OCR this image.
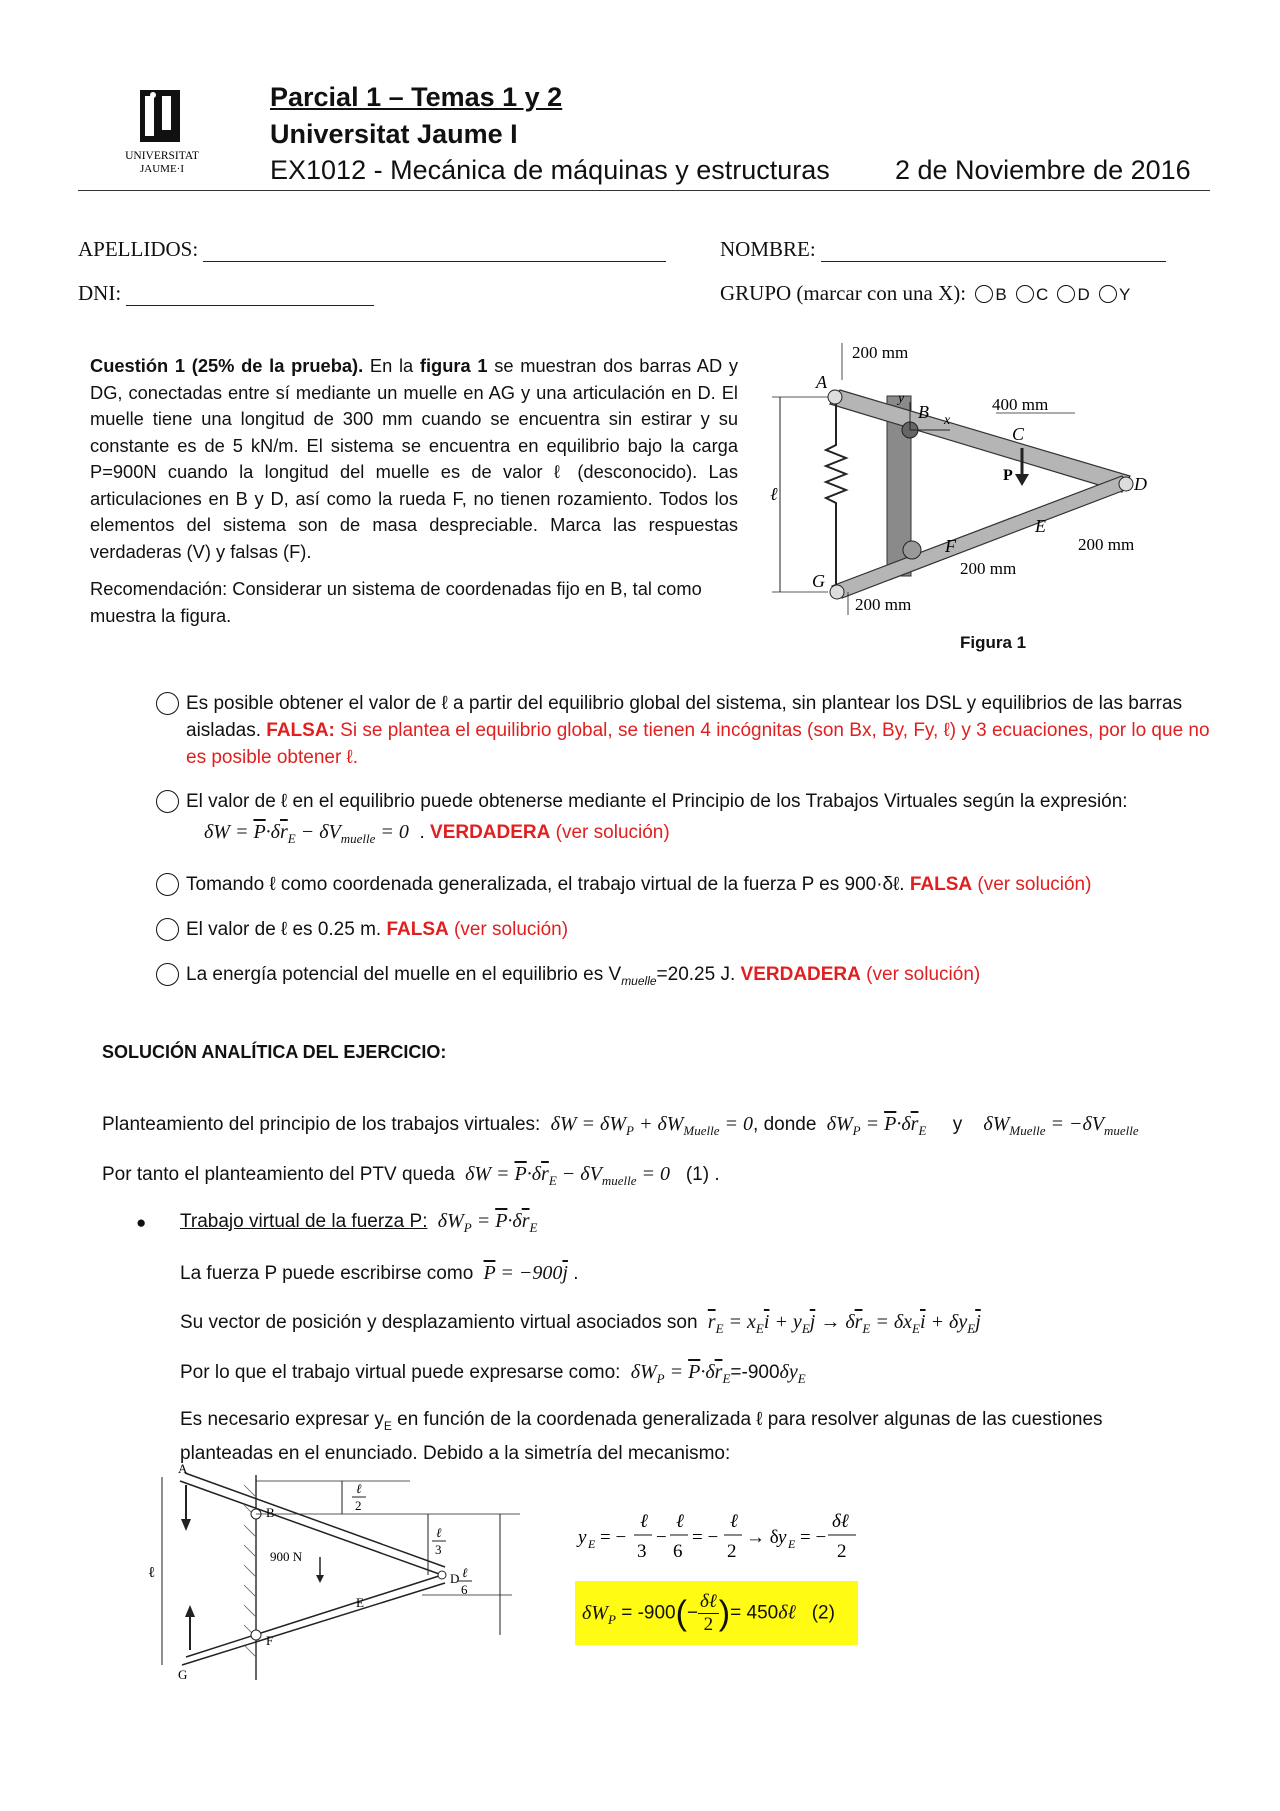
UNIVERSITAT
JAUME·I
Parcial 1 – Temas 1 y 2
Universitat Jaume I
EX1012 - Mecánica de máquinas y estructuras 2 de Noviembre de 2016
APELLIDOS:	NOMBRE:
DNI:	GRUPO (marcar con una X): B C D Y
Cuestión 1 (25% de la prueba). En la figura 1 se muestran dos barras AD y DG, conectadas entre sí mediante un muelle en AG y una articulación en D. El muelle tiene una longitud de 300 mm cuando se encuentra sin estirar y su constante es de 5 kN/m. El sistema se encuentra en equilibrio bajo la carga P=900N cuando la longitud del muelle es de valor ℓ (desconocido). Las articulaciones en B y D, así como la rueda F, no tienen rozamiento. Todos los elementos del sistema son de masa despreciable. Marca las respuestas verdaderas (V) y falsas (F).
Recomendación: Considerar un sistema de coordenadas fijo en B, tal como muestra la figura.
ℓ
P
y
x
A
B
C
D
E
F
G
200 mm
400 mm
200 mm
200 mm
200 mm
Figura 1
Es posible obtener el valor de ℓ a partir del equilibrio global del sistema, sin plantear los DSL y equilibrios de las barras aisladas. FALSA: Si se plantea el equilibrio global, se tienen 4 incógnitas (son Bx, By, Fy, ℓ) y 3 ecuaciones, por lo que no es posible obtener ℓ.
El valor de ℓ en el equilibrio puede obtenerse mediante el Principio de los Trabajos Virtuales según la expresión:
$\delta W = \overline{P}\cdot\delta\overline{r}_E - \delta V_{muelle} = 0$  . VERDADERA (ver solución)
Tomando ℓ como coordenada generalizada, el trabajo virtual de la fuerza P es 900·δℓ. FALSA (ver solución)
El valor de ℓ es 0.25 m. FALSA (ver solución)
La energía potencial del muelle en el equilibrio es $V_{muelle}=20.25$ J. VERDADERA (ver solución)
SOLUCIÓN ANALÍTICA DEL EJERCICIO:
Planteamiento del principio de los trabajos virtuales:  $\delta W = \delta W_P + \delta W_{Muelle} = 0$, donde  $\delta W_P = \overline{P}\cdot\delta\overline{r}_E$ y $\delta W_{Muelle} = -\delta V_{muelle}$
Por tanto el planteamiento del PTV queda  $\delta W = \overline{P}\cdot\delta\overline{r}_E - \delta V_{muelle} = 0$ (1) .
● Trabajo virtual de la fuerza P:  $\delta W_P = \overline{P}\cdot\delta\overline{r}_E$
La fuerza P puede escribirse como $\overline{P} = -900\overline{j}$ .
Su vector de posición y desplazamiento virtual asociados son $\overline{r}_E = x_E\overline{i} + y_E\overline{j} \to \delta\overline{r}_E = \delta x_E\overline{i} + \delta y_E\overline{j}$
Por lo que el trabajo virtual puede expresarse como:  $\delta W_P = \overline{P}\cdot\delta\overline{r}_E=-900\delta y_E$
Es necesario expresar $y_E$ en función de la coordenada generalizada ℓ para resolver algunas de las cuestiones planteadas en el enunciado. Debido a la simetría del mecanismo:
ℓ
900 N
A
B
D
E
F
G
ℓ
2
ℓ
3
ℓ
6
y E = −
ℓ
3
−
ℓ
6
= −
ℓ
2
→ δ y E = −
δℓ
2
$\delta W_P = -900(-$
δℓ
2 )= 450δℓ (2)
